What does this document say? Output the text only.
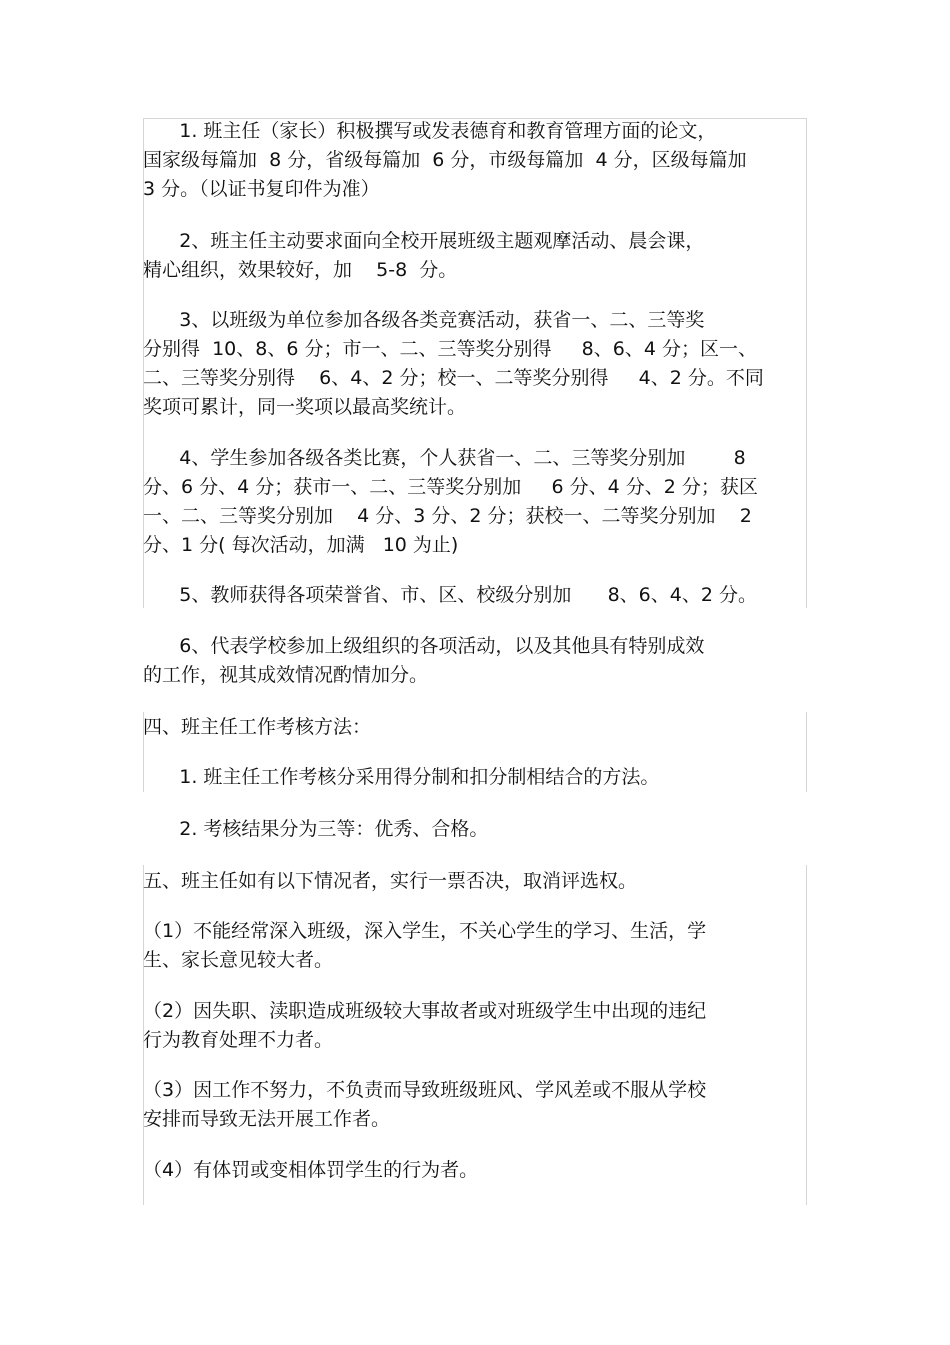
1. 班主任（家长）积极撰写或发表德育和教育管理方面的论文，
国家级每篇加  8 分，省级每篇加  6 分，市级每篇加  4 分，区级每篇加
3 分。（以证书复印件为准）
2、班主任主动要求面向全校开展班级主题观摩活动、晨会课，
精心组织，效果较好，加    5-8  分。
3、以班级为单位参加各级各类竞赛活动，获省一、二、三等奖
分别得  10、8、6 分；市一、二、三等奖分别得     8、6、4 分；区一、
二、三等奖分别得    6、4、2 分；校一、二等奖分别得     4、2 分。不同
奖项可累计，同一奖项以最高奖统计。
4、学生参加各级各类比赛，个人获省一、二、三等奖分别加        8
分、6 分、4 分；获市一、二、三等奖分别加     6 分、4 分、2 分；获区
一、二、三等奖分别加    4 分、3 分、2 分；获校一、二等奖分别加    2
分、1 分( 每次活动，加满   10 为止)
5、教师获得各项荣誉省、市、区、校级分别加      8、6、4、2 分。
6、代表学校参加上级组织的各项活动，以及其他具有特别成效
的工作，视其成效情况酌情加分。
四、班主任工作考核方法：
1. 班主任工作考核分采用得分制和扣分制相结合的方法。
2. 考核结果分为三等：优秀、合格。
五、班主任如有以下情况者，实行一票否决，取消评选权。
（1）不能经常深入班级，深入学生，不关心学生的学习、生活，学
生、家长意见较大者。
（2）因失职、渎职造成班级较大事故者或对班级学生中出现的违纪
行为教育处理不力者。
（3）因工作不努力，不负责而导致班级班风、学风差或不服从学校
安排而导致无法开展工作者。
（4）有体罚或变相体罚学生的行为者。
